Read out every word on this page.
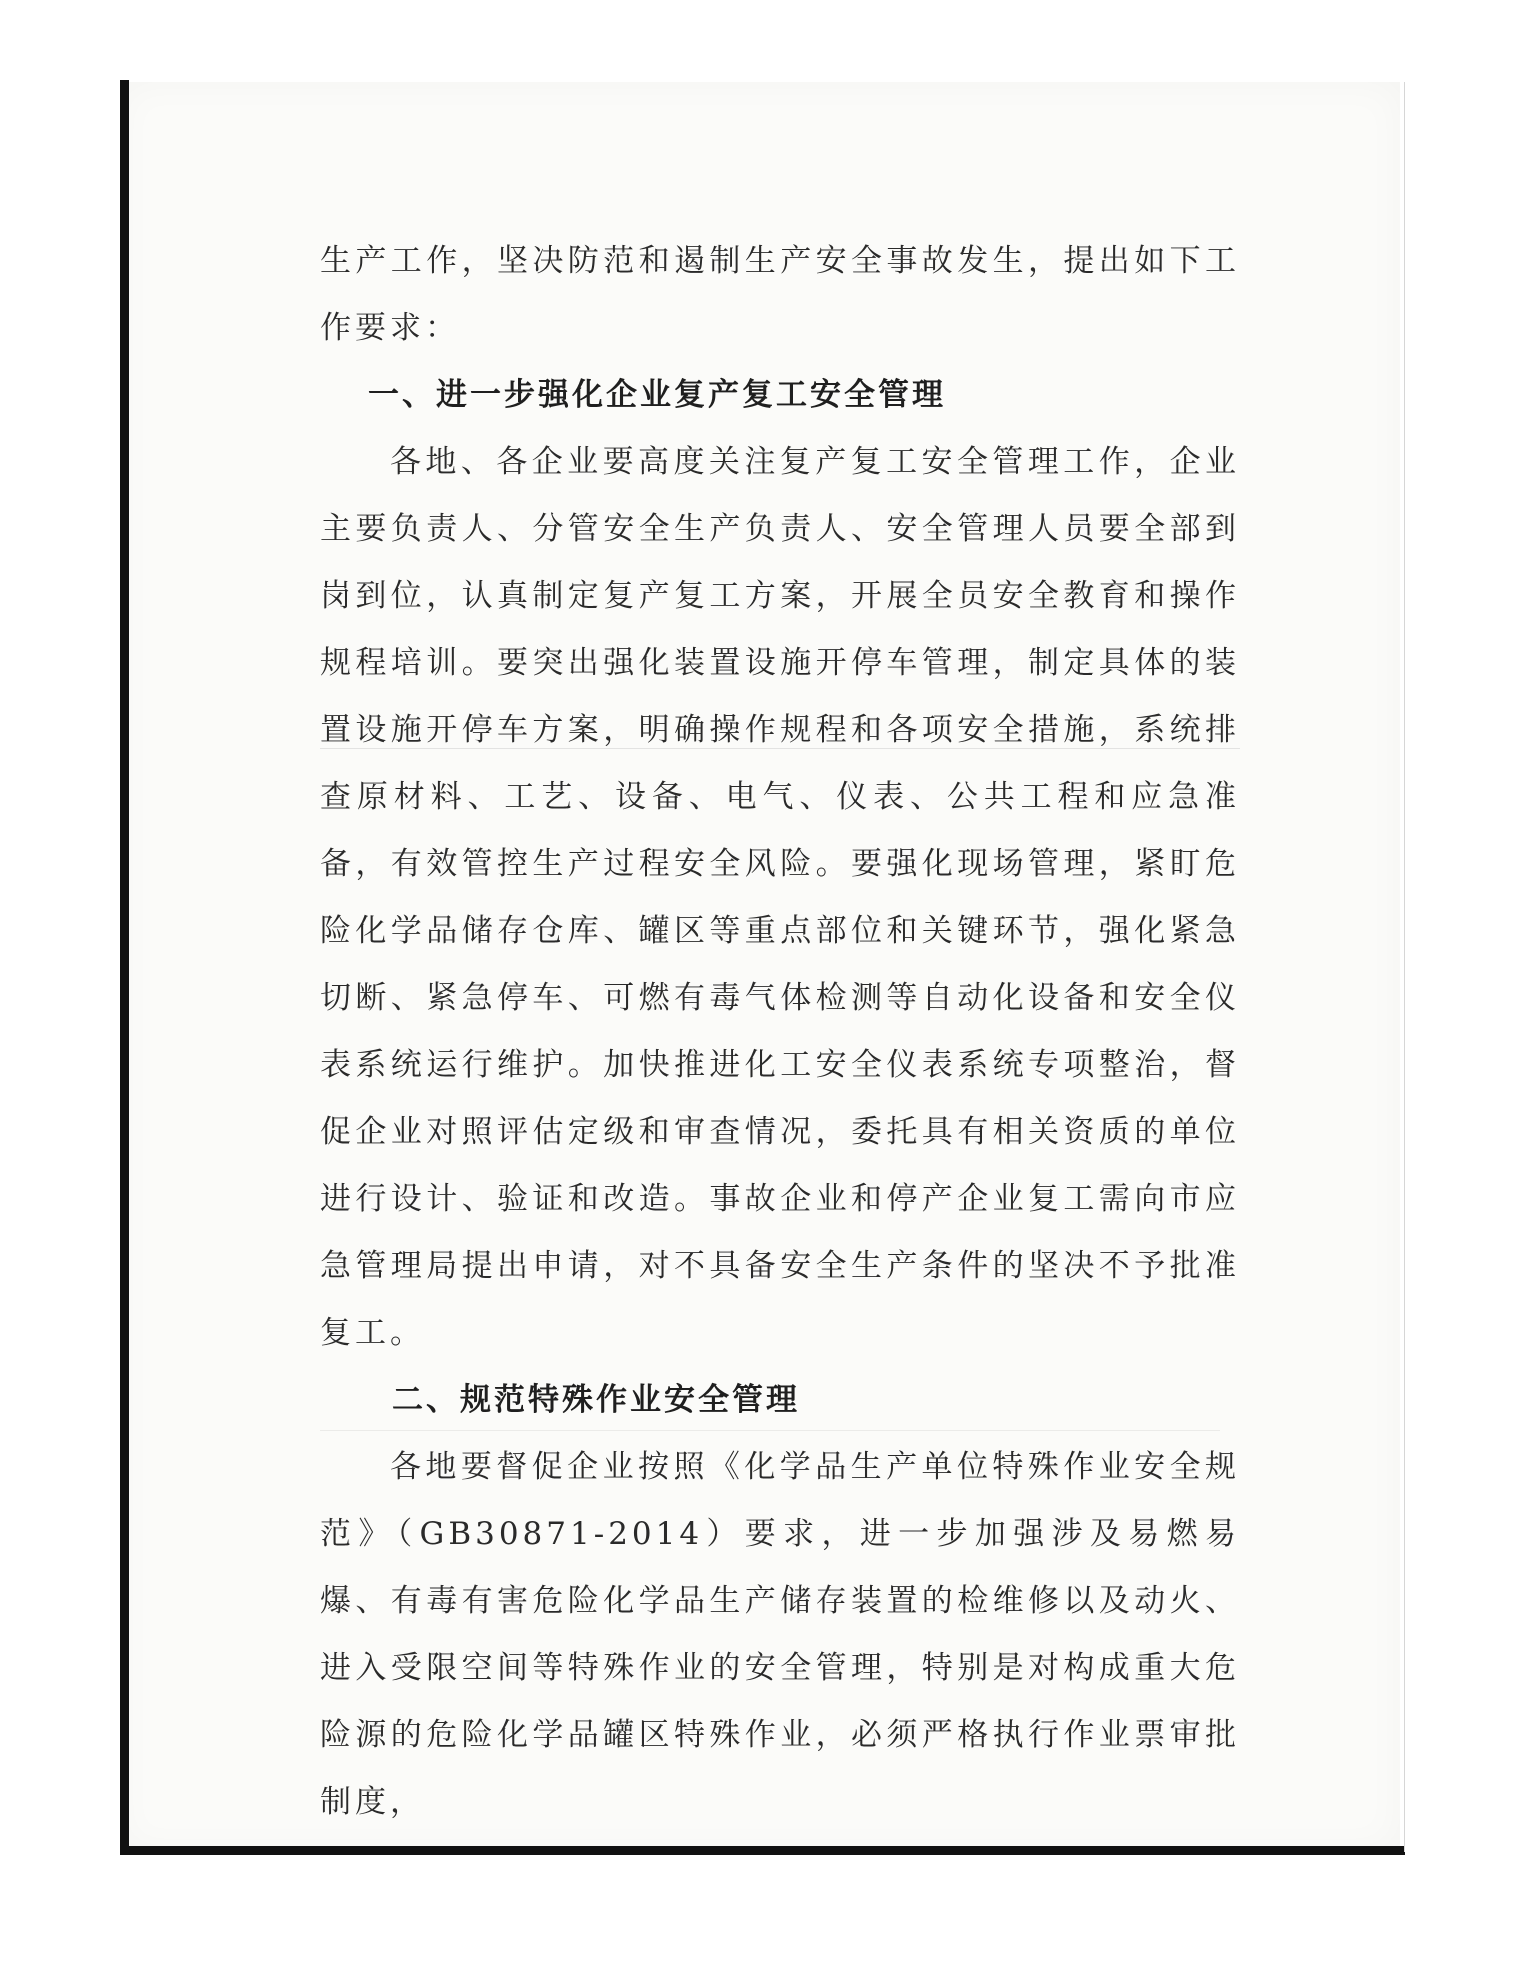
生产工作，坚决防范和遏制生产安全事故发生，提出如下工作要求：

一、进一步强化企业复产复工安全管理

各地、各企业要高度关注复产复工安全管理工作，企业主要负责人、分管安全生产负责人、安全管理人员要全部到岗到位，认真制定复产复工方案，开展全员安全教育和操作规程培训。要突出强化装置设施开停车管理，制定具体的装置设施开停车方案，明确操作规程和各项安全措施，系统排查原材料、工艺、设备、电气、仪表、公共工程和应急准备，有效管控生产过程安全风险。要强化现场管理，紧盯危险化学品储存仓库、罐区等重点部位和关键环节，强化紧急切断、紧急停车、可燃有毒气体检测等自动化设备和安全仪表系统运行维护。加快推进化工安全仪表系统专项整治，督促企业对照评估定级和审查情况，委托具有相关资质的单位进行设计、验证和改造。事故企业和停产企业复工需向市应急管理局提出申请，对不具备安全生产条件的坚决不予批准复工。

二、规范特殊作业安全管理

各地要督促企业按照《化学品生产单位特殊作业安全规范》（GB30871-2014）要求，进一步加强涉及易燃易爆、有毒有害危险化学品生产储存装置的检维修以及动火、进入受限空间等特殊作业的安全管理，特别是对构成重大危险源的危险化学品罐区特殊作业，必须严格执行作业票审批制度，
